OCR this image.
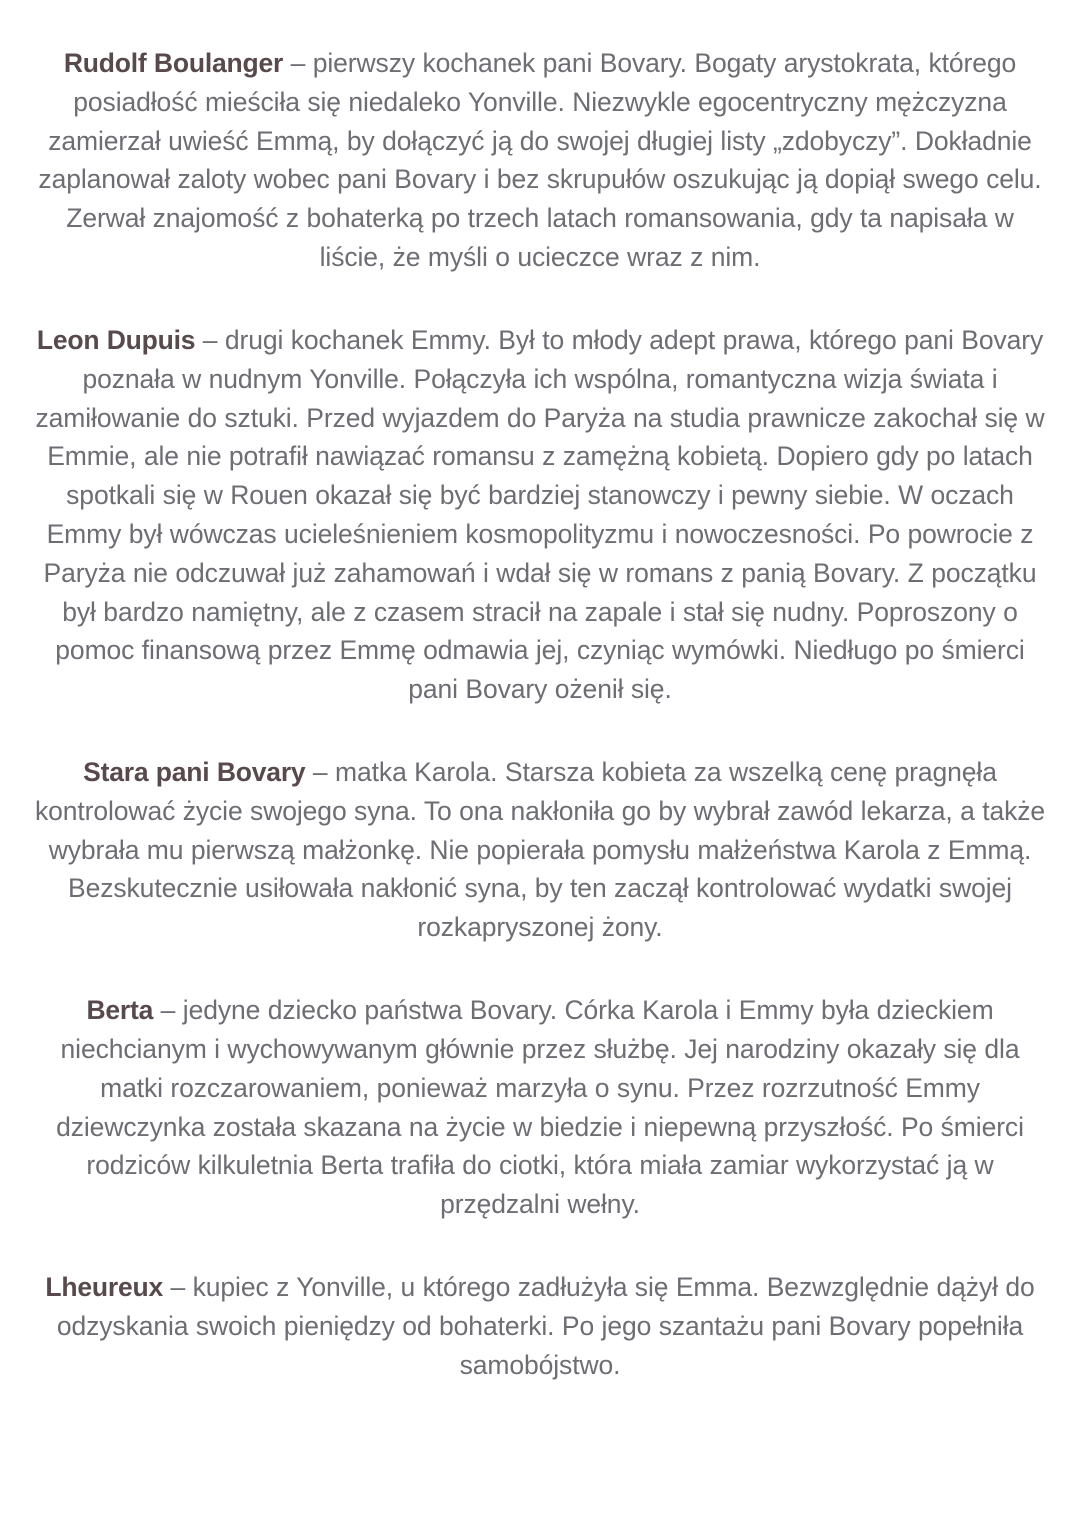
Rudolf Boulanger – pierwszy kochanek pani Bovary. Bogaty arystokrata, którego posiadłość mieściła się niedaleko Yonville. Niezwykle egocentryczny mężczyzna zamierzał uwieść Emmą, by dołączyć ją do swojej długiej listy „zdobyczy”. Dokładnie zaplanował zaloty wobec pani Bovary i bez skrupułów oszukując ją dopiął swego celu. Zerwał znajomość z bohaterką po trzech latach romansowania, gdy ta napisała w liście, że myśli o ucieczce wraz z nim.

Leon Dupuis – drugi kochanek Emmy. Był to młody adept prawa, którego pani Bovary poznała w nudnym Yonville. Połączyła ich wspólna, romantyczna wizja świata i zamiłowanie do sztuki. Przed wyjazdem do Paryża na studia prawnicze zakochał się w Emmie, ale nie potrafił nawiązać romansu z zamężną kobietą. Dopiero gdy po latach spotkali się w Rouen okazał się być bardziej stanowczy i pewny siebie. W oczach Emmy był wówczas ucieleśnieniem kosmopolityzmu i nowoczesności. Po powrocie z Paryża nie odczuwał już zahamowań i wdał się w romans z panią Bovary. Z początku był bardzo namiętny, ale z czasem stracił na zapale i stał się nudny. Poproszony o pomoc finansową przez Emmę odmawia jej, czyniąc wymówki. Niedługo po śmierci pani Bovary ożenił się.

Stara pani Bovary – matka Karola. Starsza kobieta za wszelką cenę pragnęła kontrolować życie swojego syna. To ona nakłoniła go by wybrał zawód lekarza, a także wybrała mu pierwszą małżonkę. Nie popierała pomysłu małżeństwa Karola z Emmą. Bezskutecznie usiłowała nakłonić syna, by ten zaczął kontrolować wydatki swojej rozkapryszonej żony.

Berta – jedyne dziecko państwa Bovary. Córka Karola i Emmy była dzieckiem niechcianym i wychowywanym głównie przez służbę. Jej narodziny okazały się dla matki rozczarowaniem, ponieważ marzyła o synu. Przez rozrzutność Emmy dziewczynka została skazana na życie w biedzie i niepewną przyszłość. Po śmierci rodziców kilkuletnia Berta trafiła do ciotki, która miała zamiar wykorzystać ją w przędzalni wełny.

Lheureux – kupiec z Yonville, u którego zadłużyła się Emma. Bezwzględnie dążył do odzyskania swoich pieniędzy od bohaterki. Po jego szantażu pani Bovary popełniła samobójstwo.
